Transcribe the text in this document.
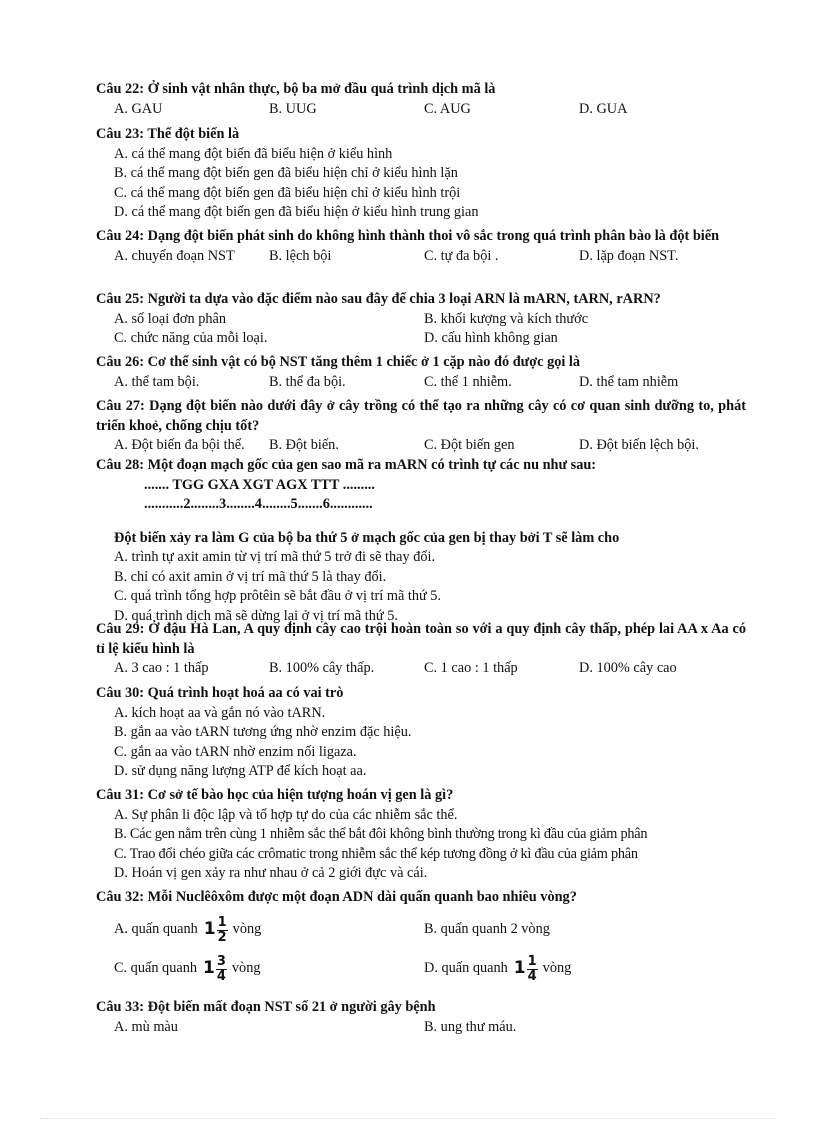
Câu 22: Ở sinh vật nhân thực, bộ ba mở đầu quá trình dịch mã là
A. GAU	B. UUG	C. AUG	D. GUA
Câu 23: Thể đột biến là
A. cá thể mang đột biến đã biểu hiện ở kiểu hình
B. cá thể mang đột biến gen đã biểu hiện chỉ ở kiểu hình lặn
C. cá thể mang đột biến gen đã biểu hiện chỉ ở kiểu hình trội
D. cá thể mang đột biến gen đã biểu hiện ở kiểu hình trung gian
Câu 24: Dạng đột biến phát sinh do không hình thành thoi vô sắc trong quá trình phân bào là đột biến
A. chuyển đoạn NST	B. lệch bội	C. tự đa bội .	D. lặp đoạn NST.
Câu 25: Người ta dựa vào đặc điểm nào sau đây để chia 3 loại ARN là mARN, tARN, rARN?
A. số loại đơn phân	B. khối kượng và kích thước
C. chức năng của mỗi loại.	D. cấu hình không gian
Câu 26: Cơ thể sinh vật có bộ NST tăng thêm 1 chiếc ở 1 cặp nào đó được gọi là
A. thể tam bội.	B. thể đa bội.	C. thể 1 nhiễm.	D. thể tam nhiễm
Câu 27: Dạng đột biến nào dưới đây ở cây trồng có thể tạo ra những cây có cơ quan sinh dưỡng to, phát triển khoẻ, chống chịu tốt?
A. Đột biến đa bội thể.	B. Đột biến.	C. Đột biến gen	D. Đột biến lệch bội.
Câu 28: Một đoạn mạch gốc của gen sao mã ra mARN có trình tự các nu như sau:
....... TGG GXA XGT AGX TTT .........
...........2........3........4........5.......6............
Đột biến xảy ra làm G của bộ ba thứ 5 ở mạch gốc của gen bị thay bởi T sẽ làm cho
A. trình tự axit amin từ vị trí mã thứ 5 trở đi sẽ thay đổi.
B. chỉ có axit amin ở vị trí mã thứ 5 là thay đổi.
C. quá trình tổng hợp prôtêin sẽ bắt đầu ở vị trí mã thứ 5.
D. quá trình dịch mã sẽ dừng lại ở vị trí mã thứ 5.
Câu 29: Ở đậu Hà Lan, A quy định cây cao trội hoàn toàn so với a quy định cây thấp, phép lai AA x Aa có tỉ lệ kiểu hình là
A. 3 cao : 1 thấp	B. 100% cây thấp.	C. 1 cao : 1 thấp	D. 100% cây cao
Câu 30: Quá trình hoạt hoá aa có vai trò
A. kích hoạt aa và gắn nó vào tARN.
B. gắn aa vào tARN tương ứng nhờ enzim đặc hiệu.
C. gắn aa vào tARN nhờ enzim nối ligaza.
D. sử dụng năng lượng ATP để kích hoạt aa.
Câu 31: Cơ sở tế bào học của hiện tượng hoán vị gen là gì?
A. Sự phân li độc lập và tổ hợp tự do của các nhiễm sắc thể.
B. Các gen nằm trên cùng 1 nhiễm sắc thể bắt đôi không bình thường trong kì đầu của giảm phân
C. Trao đổi chéo giữa các crômatic trong nhiễm sắc thể kép tương đồng ở kì đầu của giảm phân
D. Hoán vị gen xảy ra như nhau ở cả 2 giới đực và cái.
Câu 32: Mỗi Nuclêôxôm được một đoạn ADN dài quấn quanh bao nhiêu vòng?
A. quấn quanh $1 \frac{1}{2}$ vòng	B. quấn quanh 2 vòng
C. quấn quanh $1 \frac{3}{4}$ vòng	D. quấn quanh $1 \frac{1}{4}$ vòng
Câu 33: Đột biến mất đoạn NST số 21 ở người gây bệnh
A. mù màu	B. ung thư máu.
